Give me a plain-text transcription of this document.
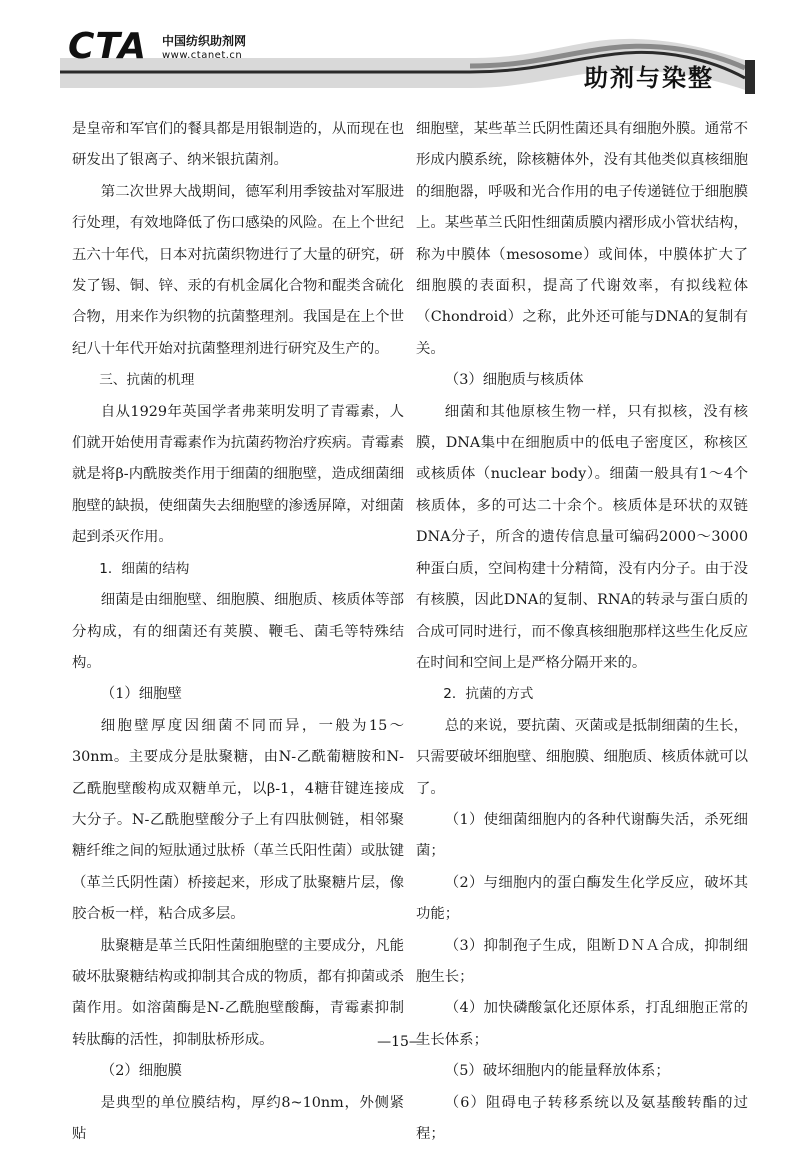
CTA 中国纺织助剂网
www.ctanet.cn
助剂与染整

是皇帝和军官们的餐具都是用银制造的，从而现在也研发出了银离子、纳米银抗菌剂。

第二次世界大战期间，德军利用季铵盐对军服进行处理，有效地降低了伤口感染的风险。在上个世纪五六十年代，日本对抗菌织物进行了大量的研究，研发了锡、铜、锌、汞的有机金属化合物和醌类含硫化合物，用来作为织物的抗菌整理剂。我国是在上个世纪八十年代开始对抗菌整理剂进行研究及生产的。

三、抗菌的机理

自从1929年英国学者弗莱明发明了青霉素，人们就开始使用青霉素作为抗菌药物治疗疾病。青霉素就是将β-内酰胺类作用于细菌的细胞壁，造成细菌细胞壁的缺损，使细菌失去细胞壁的渗透屏障，对细菌起到杀灭作用。

1．细菌的结构

细菌是由细胞壁、细胞膜、细胞质、核质体等部分构成，有的细菌还有荚膜、鞭毛、菌毛等特殊结构。

（1）细胞壁

细胞壁厚度因细菌不同而异，一般为15～30nm。主要成分是肽聚糖，由N-乙酰葡糖胺和N-乙酰胞壁酸构成双糖单元，以β-1，4糖苷键连接成大分子。N-乙酰胞壁酸分子上有四肽侧链，相邻聚糖纤维之间的短肽通过肽桥（革兰氏阳性菌）或肽键（革兰氏阴性菌）桥接起来，形成了肽聚糖片层，像胶合板一样，粘合成多层。

肽聚糖是革兰氏阳性菌细胞壁的主要成分，凡能破坏肽聚糖结构或抑制其合成的物质，都有抑菌或杀菌作用。如溶菌酶是N-乙酰胞壁酸酶，青霉素抑制转肽酶的活性，抑制肽桥形成。

（2）细胞膜

是典型的单位膜结构，厚约8~10nm，外侧紧贴

细胞壁，某些革兰氏阴性菌还具有细胞外膜。通常不形成内膜系统，除核糖体外，没有其他类似真核细胞的细胞器，呼吸和光合作用的电子传递链位于细胞膜上。某些革兰氏阳性细菌质膜内褶形成小管状结构，称为中膜体（mesosome）或间体，中膜体扩大了细胞膜的表面积，提高了代谢效率，有拟线粒体（Chondroid）之称，此外还可能与DNA的复制有关。

（3）细胞质与核质体

细菌和其他原核生物一样，只有拟核，没有核膜，DNA集中在细胞质中的低电子密度区，称核区或核质体（nuclear body）。细菌一般具有1～4个核质体，多的可达二十余个。核质体是环状的双链DNA分子，所含的遗传信息量可编码2000～3000种蛋白质，空间构建十分精简，没有内分子。由于没有核膜，因此DNA的复制、RNA的转录与蛋白质的合成可同时进行，而不像真核细胞那样这些生化反应在时间和空间上是严格分隔开来的。

2．抗菌的方式

总的来说，要抗菌、灭菌或是抵制细菌的生长，只需要破坏细胞壁、细胞膜、细胞质、核质体就可以了。

（1）使细菌细胞内的各种代谢酶失活，杀死细菌；

（2）与细胞内的蛋白酶发生化学反应，破坏其功能；

（3）抑制孢子生成，阻断ＤＮＡ合成，抑制细胞生长；

（4）加快磷酸氯化还原体系，打乱细胞正常的生长体系；

（5）破坏细胞内的能量释放体系；

（6）阻碍电子转移系统以及氨基酸转酯的过程；

—15—
